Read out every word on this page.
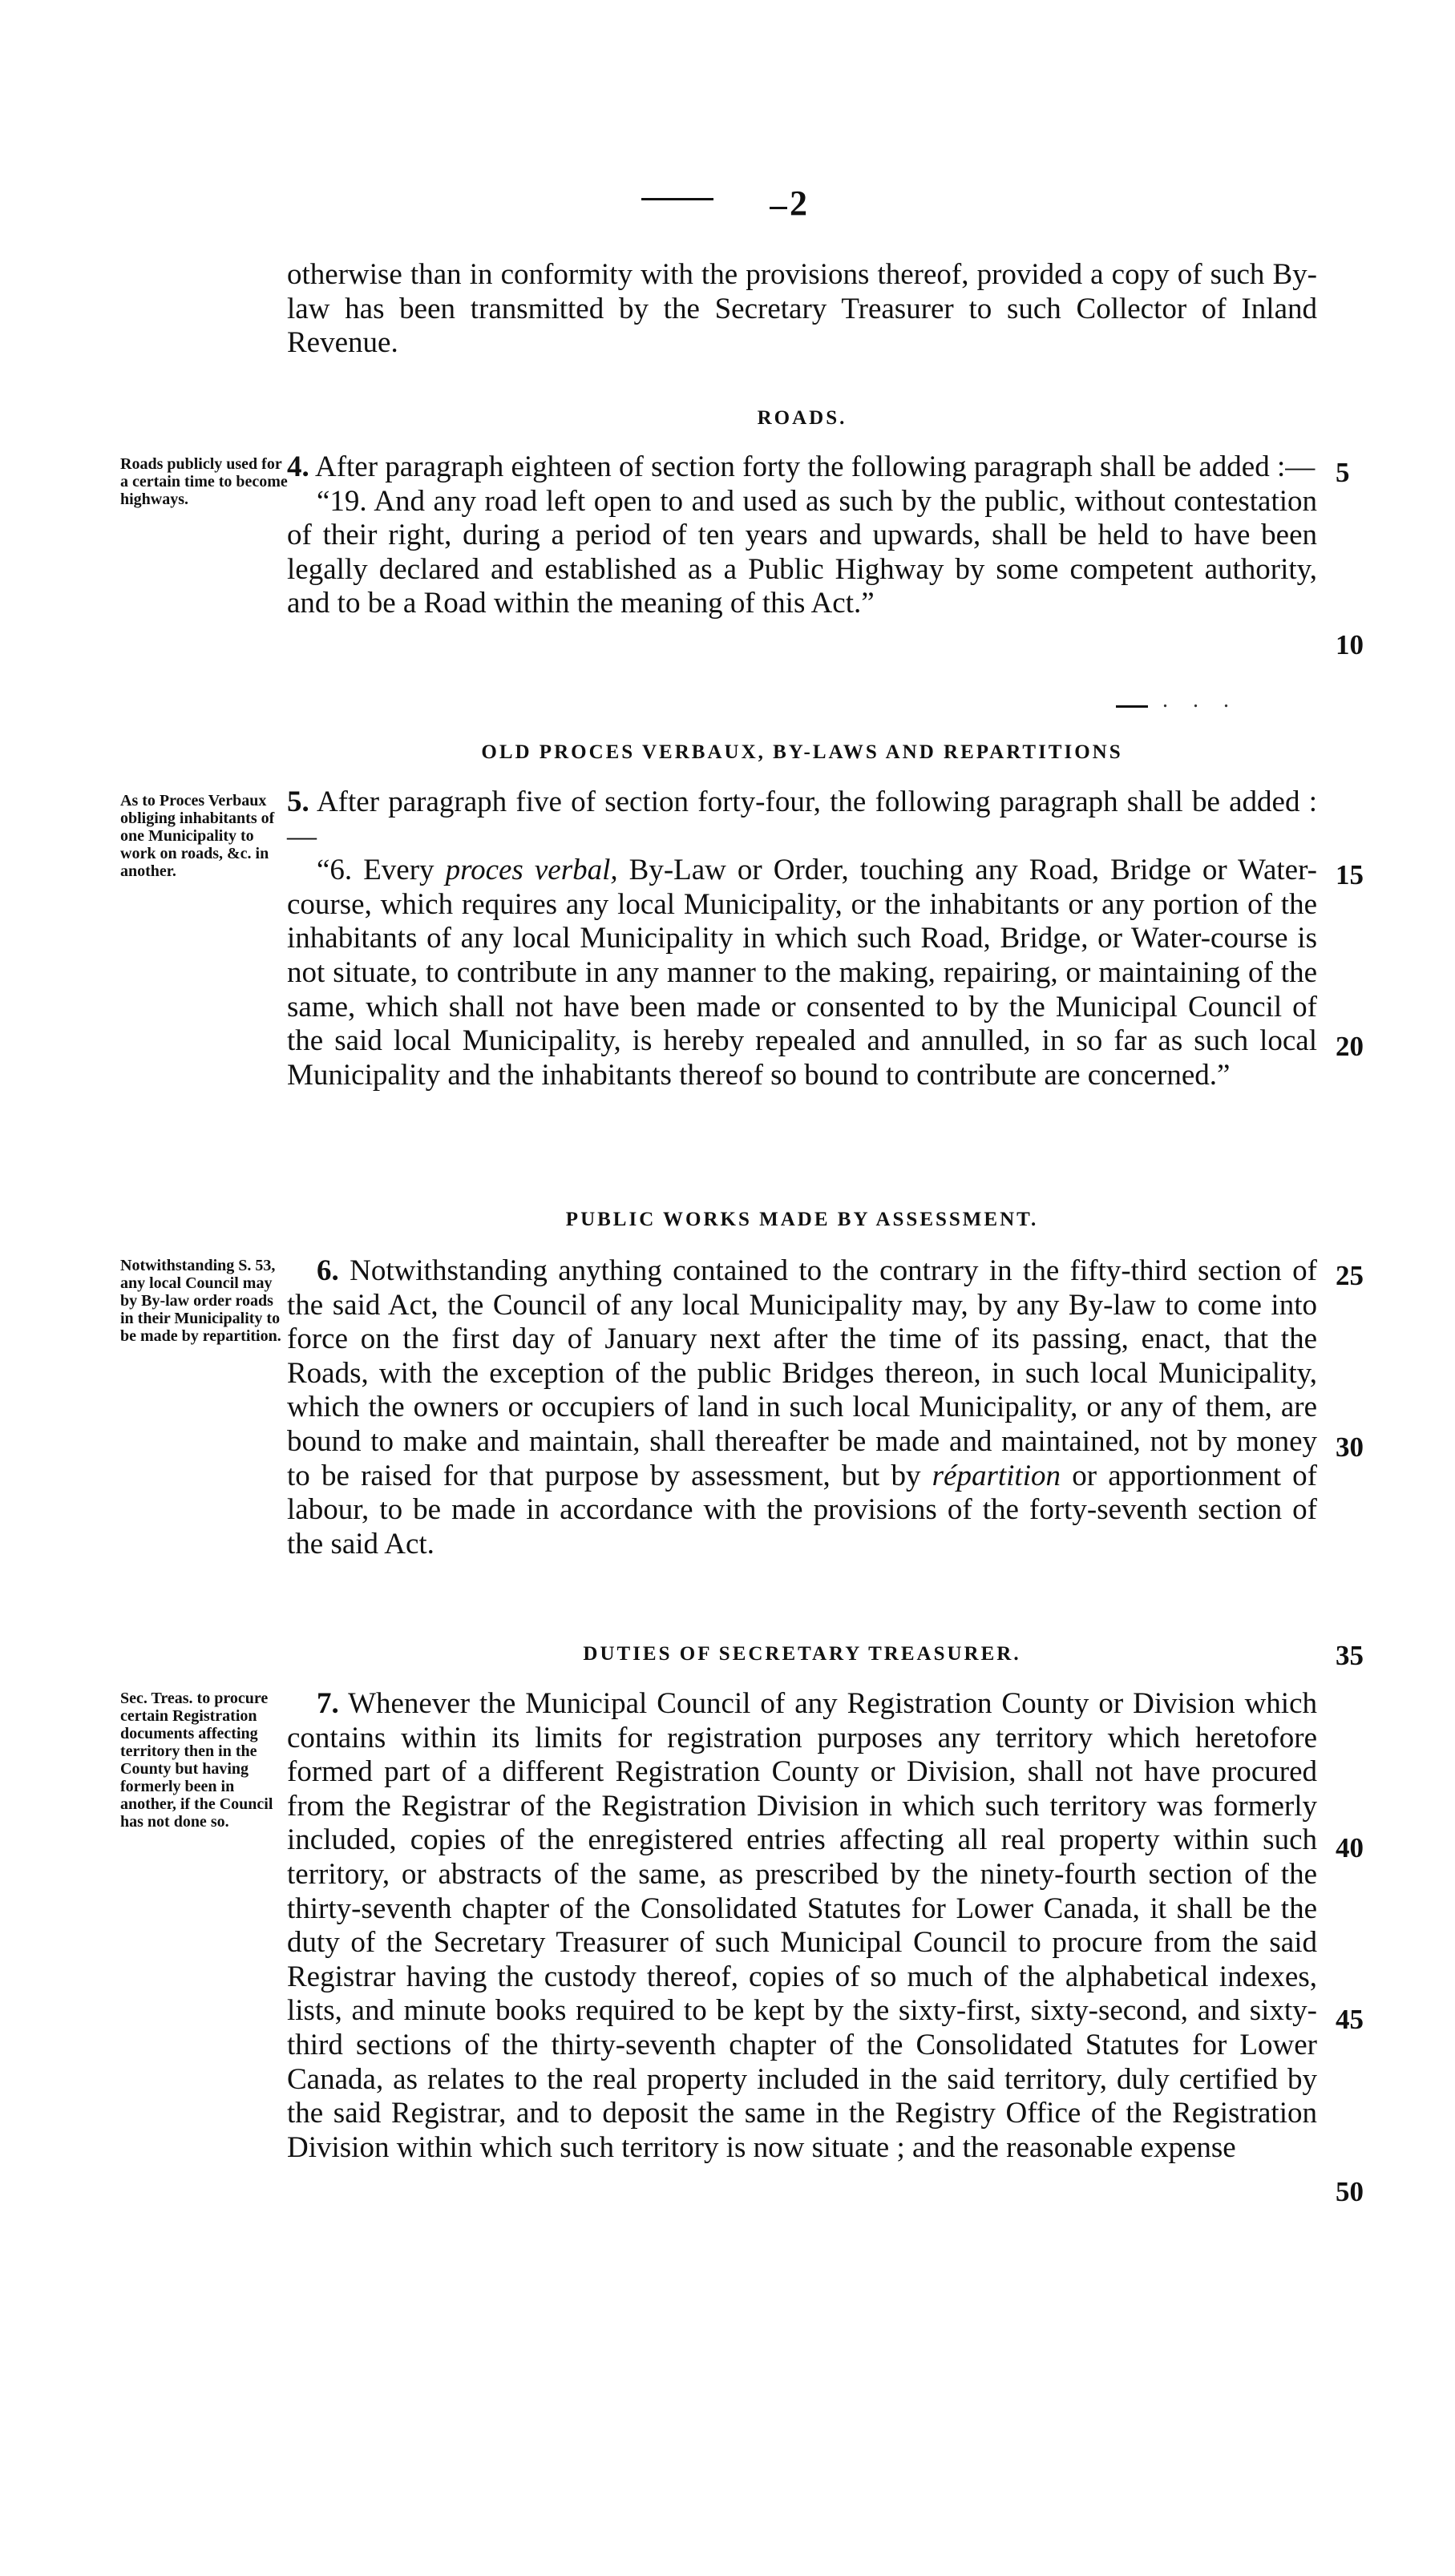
2

otherwise than in conformity with the provisions thereof, provided a copy of such By-law has been transmitted by the Secretary Treasurer to such Collector of Inland Revenue.

ROADS.

Roads publicly used for a certain time to become highways.

4. After paragraph eighteen of section forty the following paragraph shall be added :—

“19. And any road left open to and used as such by the public, without contestation of their right, during a period of ten years and upwards, shall be held to have been legally declared and established as a Public Highway by some competent authority, and to be a Road within the meaning of this Act.”

. . .
OLD PROCES VERBAUX, BY-LAWS AND REPARTITIONS

As to Proces Verbaux obliging inhabitants of one Municipality to work on roads, &c. in another.

5. After paragraph five of section forty-four, the following paragraph shall be added :—

“6. Every proces verbal, By-Law or Order, touching any Road, Bridge or Water-course, which requires any local Municipality, or the inhabitants or any portion of the inhabitants of any local Municipality in which such Road, Bridge, or Water-course is not situate, to contribute in any manner to the making, repairing, or maintaining of the same, which shall not have been made or consented to by the Municipal Council of the said local Municipality, is hereby repealed and annulled, in so far as such local Municipality and the inhabitants thereof so bound to contribute are concerned.”

PUBLIC WORKS MADE BY ASSESSMENT.

Notwithstanding S. 53, any local Council may by By-law order roads in their Municipality to be made by repartition.

6. Notwithstanding anything contained to the contrary in the fifty-third section of the said Act, the Council of any local Municipality may, by any By-law to come into force on the first day of January next after the time of its passing, enact, that the Roads, with the exception of the public Bridges thereon, in such local Municipality, which the owners or occupiers of land in such local Municipality, or any of them, are bound to make and maintain, shall thereafter be made and maintained, not by money to be raised for that purpose by assessment, but by répartition or apportionment of labour, to be made in accordance with the provisions of the forty-seventh section of the said Act.

DUTIES OF SECRETARY TREASURER.

Sec. Treas. to procure certain Registration documents affecting territory then in the County but having formerly been in another, if the Council has not done so.

7. Whenever the Municipal Council of any Registration County or Division which contains within its limits for registration purposes any territory which heretofore formed part of a different Registration County or Division, shall not have procured from the Registrar of the Registration Division in which such territory was formerly included, copies of the enregistered entries affecting all real property within such territory, or abstracts of the same, as prescribed by the ninety-fourth section of the thirty-seventh chapter of the Consolidated Statutes for Lower Canada, it shall be the duty of the Secretary Treasurer of such Municipal Council to procure from the said Registrar having the custody thereof, copies of so much of the alphabetical indexes, lists, and minute books required to be kept by the sixty-first, sixty-second, and sixty-third sections of the thirty-seventh chapter of the Consolidated Statutes for Lower Canada, as relates to the real property included in the said territory, duly certified by the said Registrar, and to deposit the same in the Registry Office of the Registration Division within which such territory is now situate ; and the reasonable expense

5
10
15
20
25
30
35
40
45
50
